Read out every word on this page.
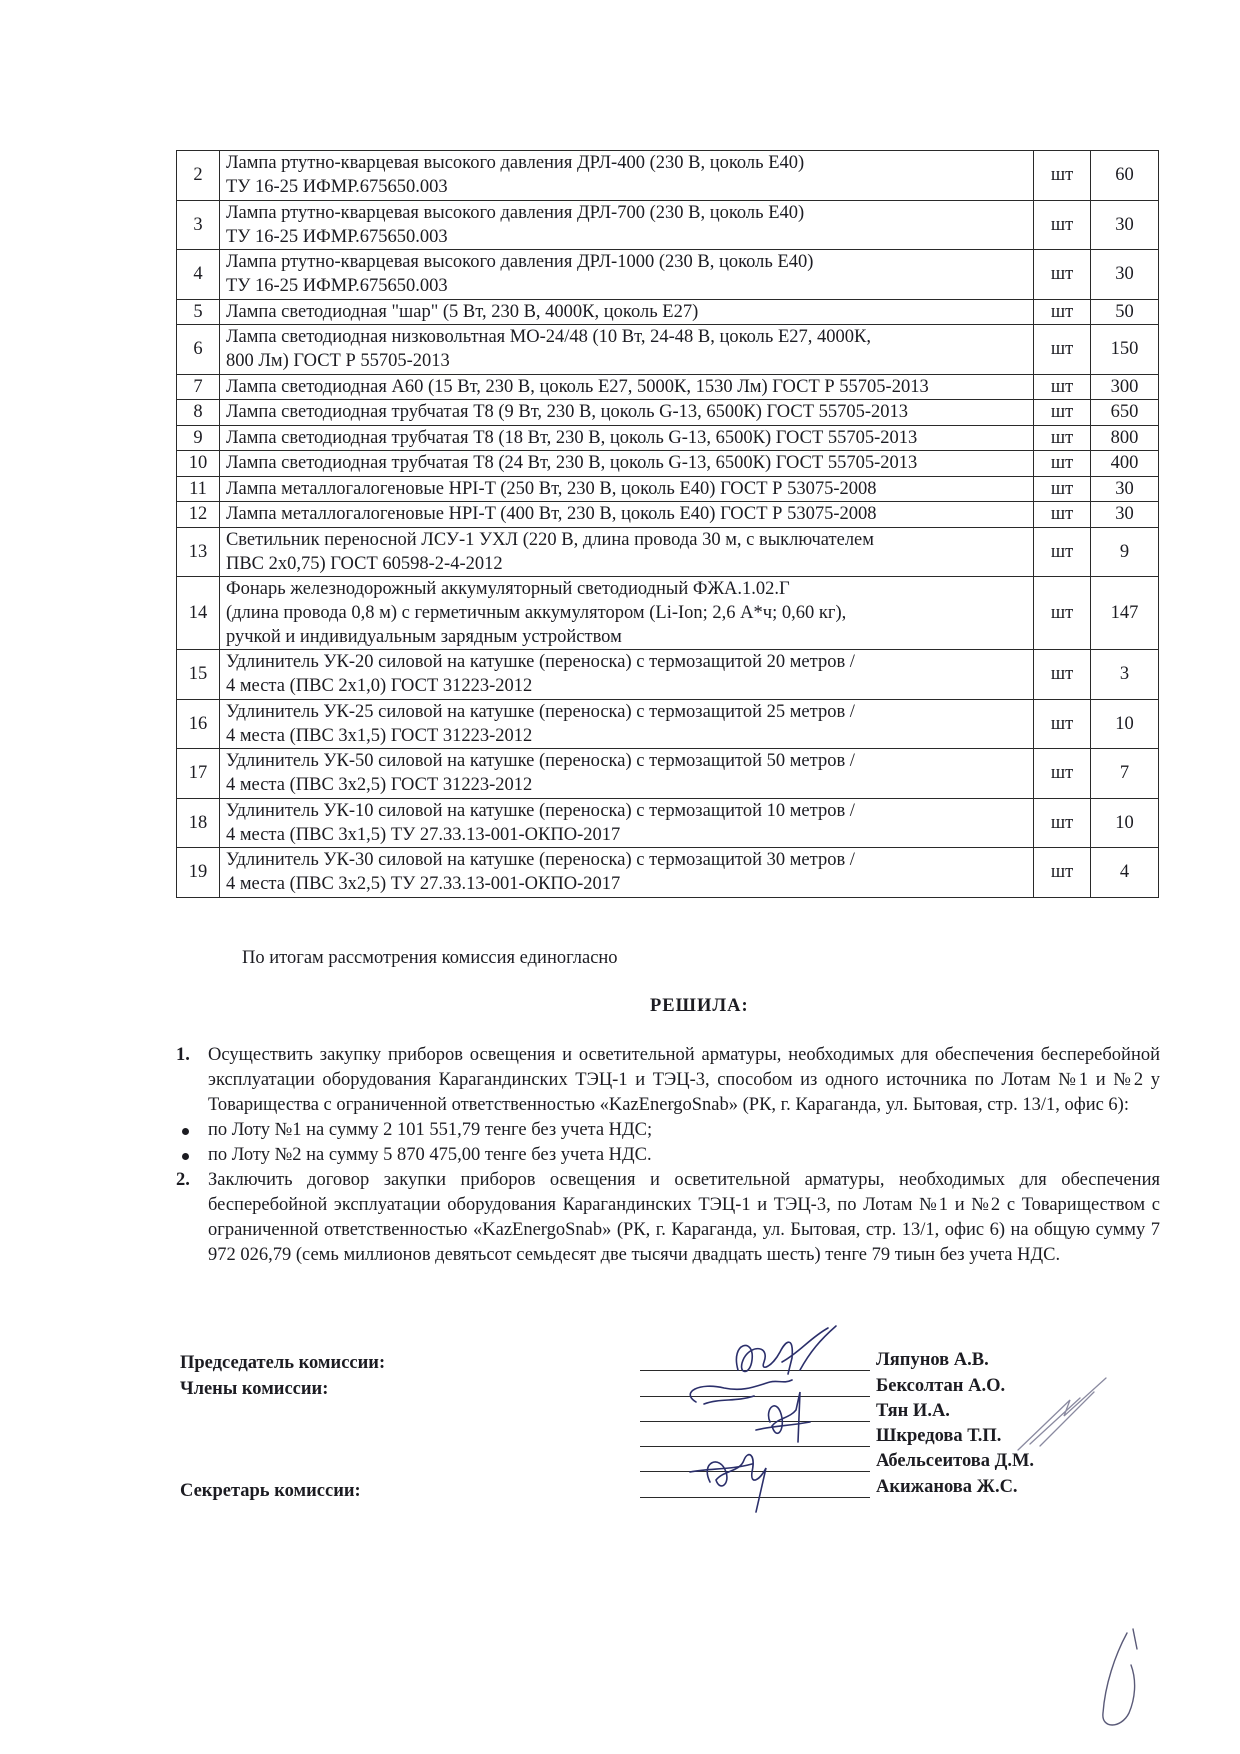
2	Лампа ртутно-кварцевая высокого давления ДРЛ-400 (230 В, цоколь Е40)
ТУ 16-25 ИФМР.675650.003	шт	60
3	Лампа ртутно-кварцевая высокого давления ДРЛ-700 (230 В, цоколь Е40)
ТУ 16-25 ИФМР.675650.003	шт	30
4	Лампа ртутно-кварцевая высокого давления ДРЛ-1000 (230 В, цоколь Е40)
ТУ 16-25 ИФМР.675650.003	шт	30
5	Лампа светодиодная "шар" (5 Вт, 230 В, 4000К, цоколь Е27)	шт	50
6	Лампа светодиодная низковольтная МО-24/48 (10 Вт, 24-48 В, цоколь Е27, 4000К,
800 Лм) ГОСТ Р 55705-2013	шт	150
7	Лампа светодиодная А60 (15 Вт, 230 В, цоколь Е27, 5000К, 1530 Лм) ГОСТ Р 55705-2013	шт	300
8	Лампа светодиодная трубчатая Т8 (9 Вт, 230 В, цоколь G-13, 6500К) ГОСТ 55705-2013	шт	650
9	Лампа светодиодная трубчатая Т8 (18 Вт, 230 В, цоколь G-13, 6500К) ГОСТ 55705-2013	шт	800
10	Лампа светодиодная трубчатая Т8 (24 Вт, 230 В, цоколь G-13, 6500К) ГОСТ 55705-2013	шт	400
11	Лампа металлогалогеновые HPI-T (250 Вт, 230 В, цоколь Е40) ГОСТ Р 53075-2008	шт	30
12	Лампа металлогалогеновые HPI-T (400 Вт, 230 В, цоколь Е40) ГОСТ Р 53075-2008	шт	30
13	Светильник переносной ЛСУ-1 УХЛ (220 В, длина провода 30 м, с выключателем
ПВС 2х0,75) ГОСТ 60598-2-4-2012	шт	9
14	Фонарь железнодорожный аккумуляторный светодиодный ФЖА.1.02.Г
(длина провода 0,8 м) с герметичным аккумулятором (Li-Ion; 2,6 А*ч; 0,60 кг),
ручкой и индивидуальным зарядным устройством	шт	147
15	Удлинитель УК-20 силовой на катушке (переноска) с термозащитой 20 метров /
4 места (ПВС 2х1,0) ГОСТ 31223-2012	шт	3
16	Удлинитель УК-25 силовой на катушке (переноска) с термозащитой 25 метров /
4 места (ПВС 3х1,5) ГОСТ 31223-2012	шт	10
17	Удлинитель УК-50 силовой на катушке (переноска) с термозащитой 50 метров /
4 места (ПВС 3х2,5) ГОСТ 31223-2012	шт	7
18	Удлинитель УК-10 силовой на катушке (переноска) с термозащитой 10 метров /
4 места (ПВС 3х1,5) ТУ 27.33.13-001-ОКПО-2017	шт	10
19	Удлинитель УК-30 силовой на катушке (переноска) с термозащитой 30 метров /
4 места (ПВС 3х2,5) ТУ 27.33.13-001-ОКПО-2017	шт	4
По итогам рассмотрения комиссия единогласно
РЕШИЛА:
1. Осуществить закупку приборов освещения и осветительной арматуры, необходимых для обеспечения бесперебойной эксплуатации оборудования Карагандинских ТЭЦ-1 и ТЭЦ-3, способом из одного источника по Лотам №1 и №2 у Товарищества с ограниченной ответственностью «KazEnergoSnab» (РК, г. Караганда, ул. Бытовая, стр. 13/1, офис 6):
по Лоту №1 на сумму 2 101 551,79 тенге без учета НДС;
по Лоту №2 на сумму 5 870 475,00 тенге без учета НДС.
2. Заключить договор закупки приборов освещения и осветительной арматуры, необходимых для обеспечения бесперебойной эксплуатации оборудования Карагандинских ТЭЦ-1 и ТЭЦ-3, по Лотам №1 и №2 с Товариществом с ограниченной ответственностью «KazEnergoSnab» (РК, г. Караганда, ул. Бытовая, стр. 13/1, офис 6) на общую сумму 7 972 026,79 (семь миллионов девятьсот семьдесят две тысячи двадцать шесть) тенге 79 тиын без учета НДС.
Председатель комиссии:
Члены комиссии:
Секретарь комиссии:
Ляпунов А.В.
Бексолтан А.О.
Тян И.А.
Шкредова Т.П.
Абельсеитова Д.М.
Акижанова Ж.С.
